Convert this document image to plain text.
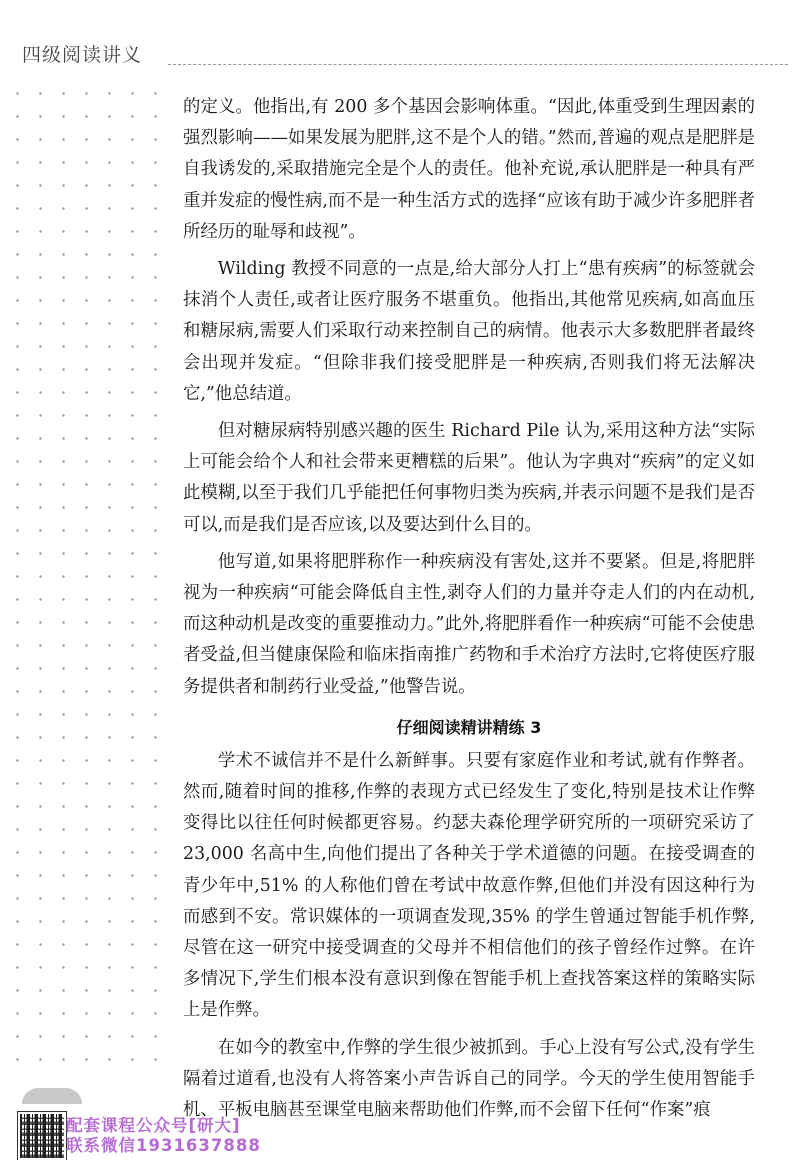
四级阅读讲义

的定义。他指出,有 200 多个基因会影响体重。“因此,体重受到生理因素的强烈影响——如果发展为肥胖,这不是个人的错。”然而,普遍的观点是肥胖是自我诱发的,采取措施完全是个人的责任。他补充说,承认肥胖是一种具有严重并发症的慢性病,而不是一种生活方式的选择“应该有助于减少许多肥胖者所经历的耻辱和歧视”。

Wilding 教授不同意的一点是,给大部分人打上“患有疾病”的标签就会抹消个人责任,或者让医疗服务不堪重负。他指出,其他常见疾病,如高血压和糖尿病,需要人们采取行动来控制自己的病情。他表示大多数肥胖者最终会出现并发症。“但除非我们接受肥胖是一种疾病,否则我们将无法解决它,”他总结道。

但对糖尿病特别感兴趣的医生 Richard Pile 认为,采用这种方法“实际上可能会给个人和社会带来更糟糕的后果”。他认为字典对“疾病”的定义如此模糊,以至于我们几乎能把任何事物归类为疾病,并表示问题不是我们是否可以,而是我们是否应该,以及要达到什么目的。

他写道,如果将肥胖称作一种疾病没有害处,这并不要紧。但是,将肥胖视为一种疾病“可能会降低自主性,剥夺人们的力量并夺走人们的内在动机,而这种动机是改变的重要推动力。”此外,将肥胖看作一种疾病“可能不会使患者受益,但当健康保险和临床指南推广药物和手术治疗方法时,它将使医疗服务提供者和制药行业受益,”他警告说。

仔细阅读精讲精练 3

学术不诚信并不是什么新鲜事。只要有家庭作业和考试,就有作弊者。然而,随着时间的推移,作弊的表现方式已经发生了变化,特别是技术让作弊变得比以往任何时候都更容易。约瑟夫森伦理学研究所的一项研究采访了 23,000 名高中生,向他们提出了各种关于学术道德的问题。在接受调查的青少年中,51% 的人称他们曾在考试中故意作弊,但他们并没有因这种行为而感到不安。常识媒体的一项调查发现,35% 的学生曾通过智能手机作弊,尽管在这一研究中接受调查的父母并不相信他们的孩子曾经作过弊。在许多情况下,学生们根本没有意识到像在智能手机上查找答案这样的策略实际上是作弊。

在如今的教室中,作弊的学生很少被抓到。手心上没有写公式,没有学生隔着过道看,也没有人将答案小声告诉自己的同学。今天的学生使用智能手机、平板电脑甚至课堂电脑来帮助他们作弊,而不会留下任何“作案”痕

配套课程公众号[研大]
联系微信1931637888
